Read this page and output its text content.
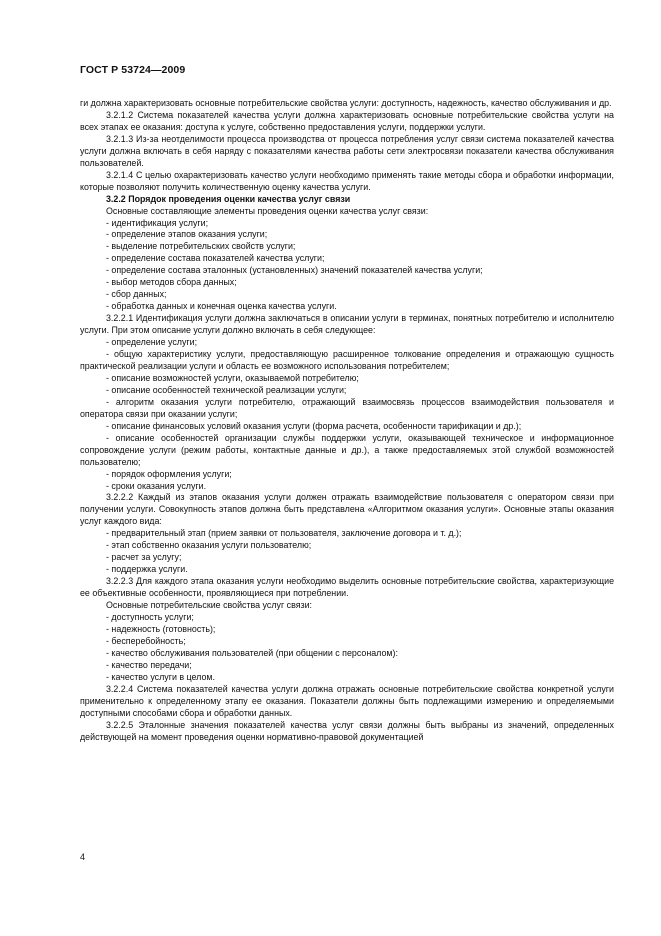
ГОСТ Р 53724—2009

ги должна характеризовать основные потребительские свойства услуги: доступность, надежность, качество обслуживания и др.

3.2.1.2 Система показателей качества услуги должна характеризовать основные потребительские свойства услуги на всех этапах ее оказания: доступа к услуге, собственно предоставления услуги, поддержки услуги.

3.2.1.3 Из-за неотделимости процесса производства от процесса потребления услуг связи система показателей качества услуги должна включать в себя наряду с показателями качества работы сети электросвязи показатели качества обслуживания пользователей.

3.2.1.4 С целью охарактеризовать качество услуги необходимо применять такие методы сбора и обработки информации, которые позволяют получить количественную оценку качества услуги.

3.2.2 Порядок проведения оценки качества услуг связи

Основные составляющие элементы проведения оценки качества услуг связи:

- идентификация услуги;

- определение этапов оказания услуги;

- выделение потребительских свойств услуги;

- определение состава показателей качества услуги;

- определение состава эталонных (установленных) значений показателей качества услуги;

- выбор методов сбора данных;

- сбор данных;

- обработка данных и конечная оценка качества услуги.

3.2.2.1 Идентификация услуги должна заключаться в описании услуги в терминах, понятных потребителю и исполнителю услуги. При этом описание услуги должно включать в себя следующее:

- определение услуги;

- общую характеристику услуги, предоставляющую расширенное толкование определения и отражающую сущность практической реализации услуги и область ее возможного использования потребителем;

- описание возможностей услуги, оказываемой потребителю;

- описание особенностей технической реализации услуги;

- алгоритм оказания услуги потребителю, отражающий взаимосвязь процессов взаимодействия пользователя и оператора связи при оказании услуги;

- описание финансовых условий оказания услуги (форма расчета, особенности тарификации и др.);

- описание особенностей организации службы поддержки услуги, оказывающей техническое и информационное сопровождение услуги (режим работы, контактные данные и др.), а также предоставляемых этой службой возможностей пользователю;

- порядок оформления услуги;

- сроки оказания услуги.

3.2.2.2 Каждый из этапов оказания услуги должен отражать взаимодействие пользователя с оператором связи при получении услуги. Совокупность этапов должна быть представлена «Алгоритмом оказания услуги». Основные этапы оказания услуг каждого вида:

- предварительный этап (прием заявки от пользователя, заключение договора и т. д.);

- этап собственно оказания услуги пользователю;

- расчет за услугу;

- поддержка услуги.

3.2.2.3 Для каждого этапа оказания услуги необходимо выделить основные потребительские свойства, характеризующие ее объективные особенности, проявляющиеся при потреблении.

Основные потребительские свойства услуг связи:

- доступность услуги;

- надежность (готовность);

- бесперебойность;

- качество обслуживания пользователей (при общении с персоналом):

- качество передачи;

- качество услуги в целом.

3.2.2.4 Система показателей качества услуги должна отражать основные потребительские свойства конкретной услуги применительно к определенному этапу ее оказания. Показатели должны быть подлежащими измерению и определяемыми доступными способами сбора и обработки данных.

3.2.2.5 Эталонные значения показателей качества услуг связи должны быть выбраны из значений, определенных действующей на момент проведения оценки нормативно-правовой документацией

4
